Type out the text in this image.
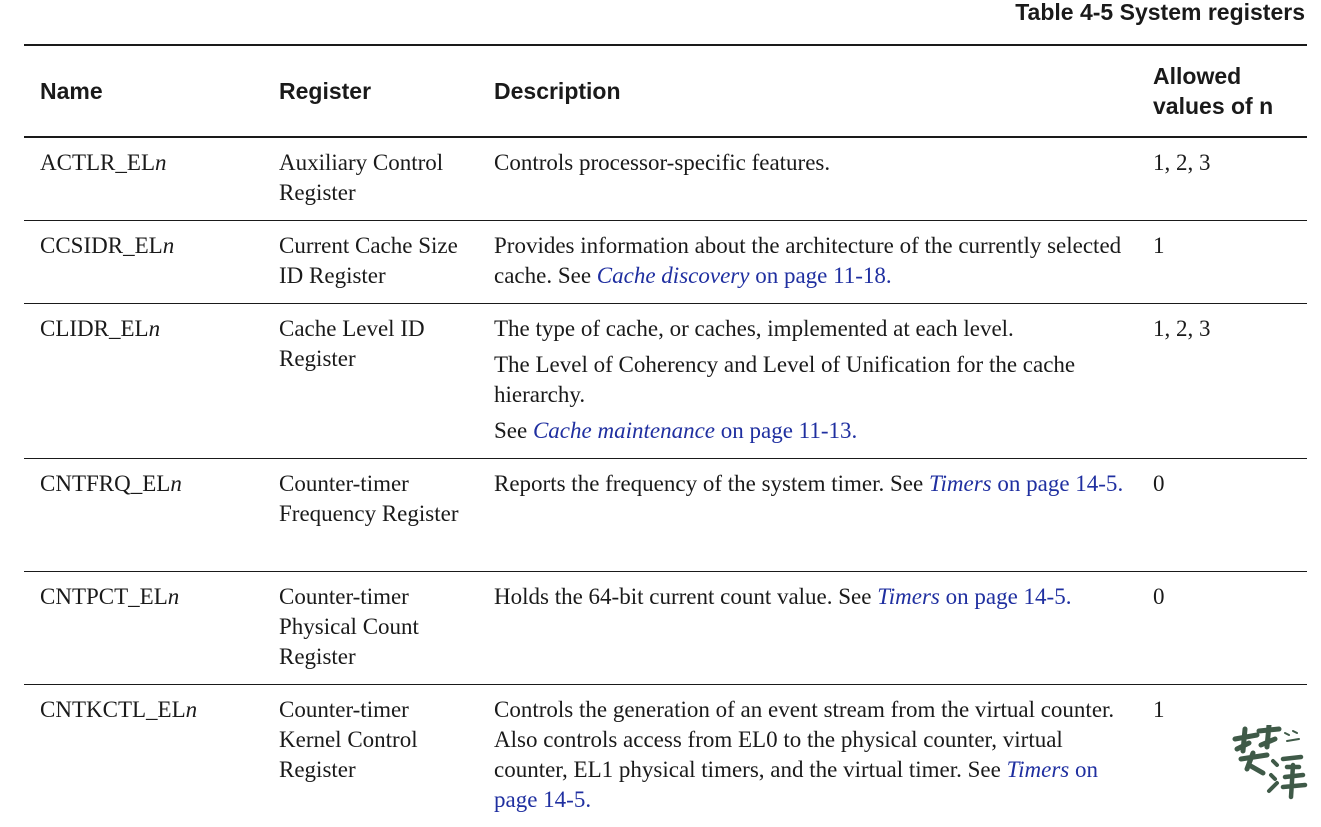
Table 4-5 System registers
Name	Register	Description	Allowed
values of n
ACTLR_ELn	Auxiliary Control Register	Controls processor-specific features.	1, 2, 3
CCSIDR_ELn	Current Cache Size ID Register	Provides information about the architecture of the currently selected cache. See Cache discovery on page 11-18.	1
CLIDR_ELn	Cache Level ID Register	The type of cache, or caches, implemented at each level.

The Level of Coherency and Level of Unification for the cache hierarchy.

See Cache maintenance on page 11-13.	1, 2, 3
CNTFRQ_ELn	Counter-timer Frequency Register	Reports the frequency of the system timer. See Timers on page 14-5.	0
CNTPCT_ELn	Counter-timer Physical Count Register	Holds the 64-bit current count value. See Timers on page 14-5.	0
CNTKCTL_ELn	Counter-timer Kernel Control Register	Controls the generation of an event stream from the virtual counter. Also controls access from EL0 to the physical counter, virtual counter, EL1 physical timers, and the virtual timer. See Timers on page 14-5.	1
